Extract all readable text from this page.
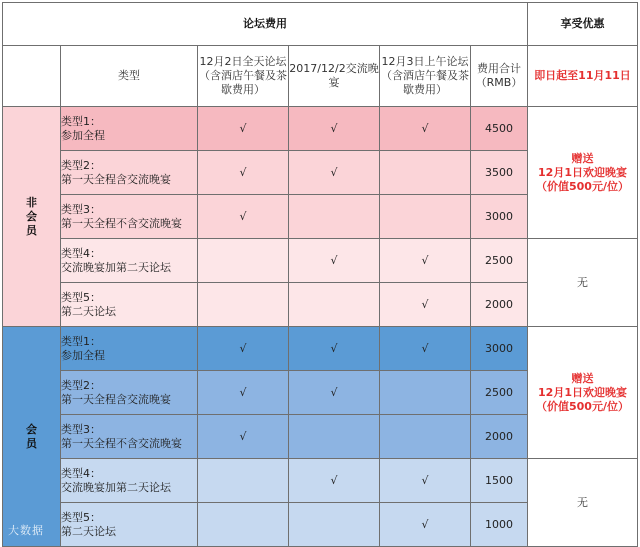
论坛费用						享受优惠
	类型	12月2日全天论坛（含酒店午餐及茶歇费用）	2017/12/2交流晚宴	12月3日上午论坛（含酒店午餐及茶歇费用）	费用合计（RMB）	即日起至11月11日

非
会
员	类型1：
参加全程	√	√	√	4500	赠送
12月1日欢迎晚宴
（价值500元/位）

	类型2：
第一天全程含交流晚宴	√	√		3500	

	类型3：
第一天全程不含交流晚宴	√			3000	

	类型4：
交流晚宴加第二天论坛		√	√	2500	无

	类型5：
第二天论坛			√	2000	

会
员	类型1：
参加全程	√	√	√	3000	赠送
12月1日欢迎晚宴
（价值500元/位）

	类型2：
第一天全程含交流晚宴	√	√		2500	

	类型3：
第一天全程不含交流晚宴	√			2000	

	类型4：
交流晚宴加第二天论坛		√	√	1500	无

	类型5：
第二天论坛			√	1000	
大数据
